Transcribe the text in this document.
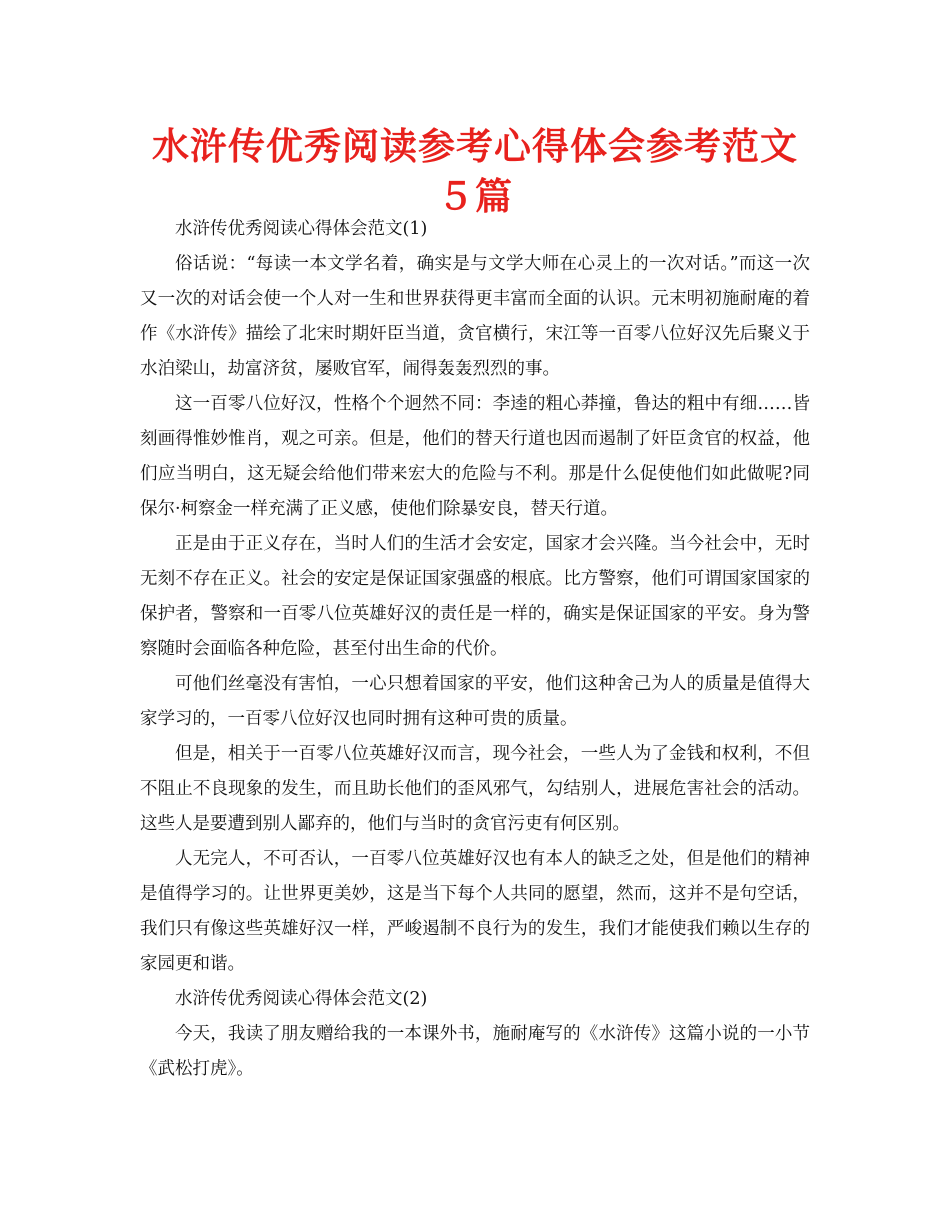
水浒传优秀阅读参考心得体会参考范文５篇

水浒传优秀阅读心得体会范文(1)

俗话说：“每读一本文学名着，确实是与文学大师在心灵上的一次对话。”而这一次又一次的对话会使一个人对一生和世界获得更丰富而全面的认识。元末明初施耐庵的着作《水浒传》描绘了北宋时期奸臣当道，贪官横行，宋江等一百零八位好汉先后聚义于水泊梁山，劫富济贫，屡败官军，闹得轰轰烈烈的事。

这一百零八位好汉，性格个个迥然不同：李逵的粗心莽撞，鲁达的粗中有细……皆刻画得惟妙惟肖，观之可亲。但是，他们的替天行道也因而遏制了奸臣贪官的权益，他们应当明白，这无疑会给他们带来宏大的危险与不利。那是什么促使他们如此做呢?同保尔·柯察金一样充满了正义感，使他们除暴安良，替天行道。

正是由于正义存在，当时人们的生活才会安定，国家才会兴隆。当今社会中，无时无刻不存在正义。社会的安定是保证国家强盛的根底。比方警察，他们可谓国家国家的保护者，警察和一百零八位英雄好汉的责任是一样的，确实是保证国家的平安。身为警察随时会面临各种危险，甚至付出生命的代价。

可他们丝毫没有害怕，一心只想着国家的平安，他们这种舍己为人的质量是值得大家学习的，一百零八位好汉也同时拥有这种可贵的质量。

但是，相关于一百零八位英雄好汉而言，现今社会，一些人为了金钱和权利，不但不阻止不良现象的发生，而且助长他们的歪风邪气，勾结别人，进展危害社会的活动。这些人是要遭到别人鄙弃的，他们与当时的贪官污吏有何区别。

人无完人，不可否认，一百零八位英雄好汉也有本人的缺乏之处，但是他们的精神是值得学习的。让世界更美妙，这是当下每个人共同的愿望，然而，这并不是句空话，我们只有像这些英雄好汉一样，严峻遏制不良行为的发生，我们才能使我们赖以生存的家园更和谐。

水浒传优秀阅读心得体会范文(2)

今天，我读了朋友赠给我的一本课外书，施耐庵写的《水浒传》这篇小说的一小节《武松打虎》。
